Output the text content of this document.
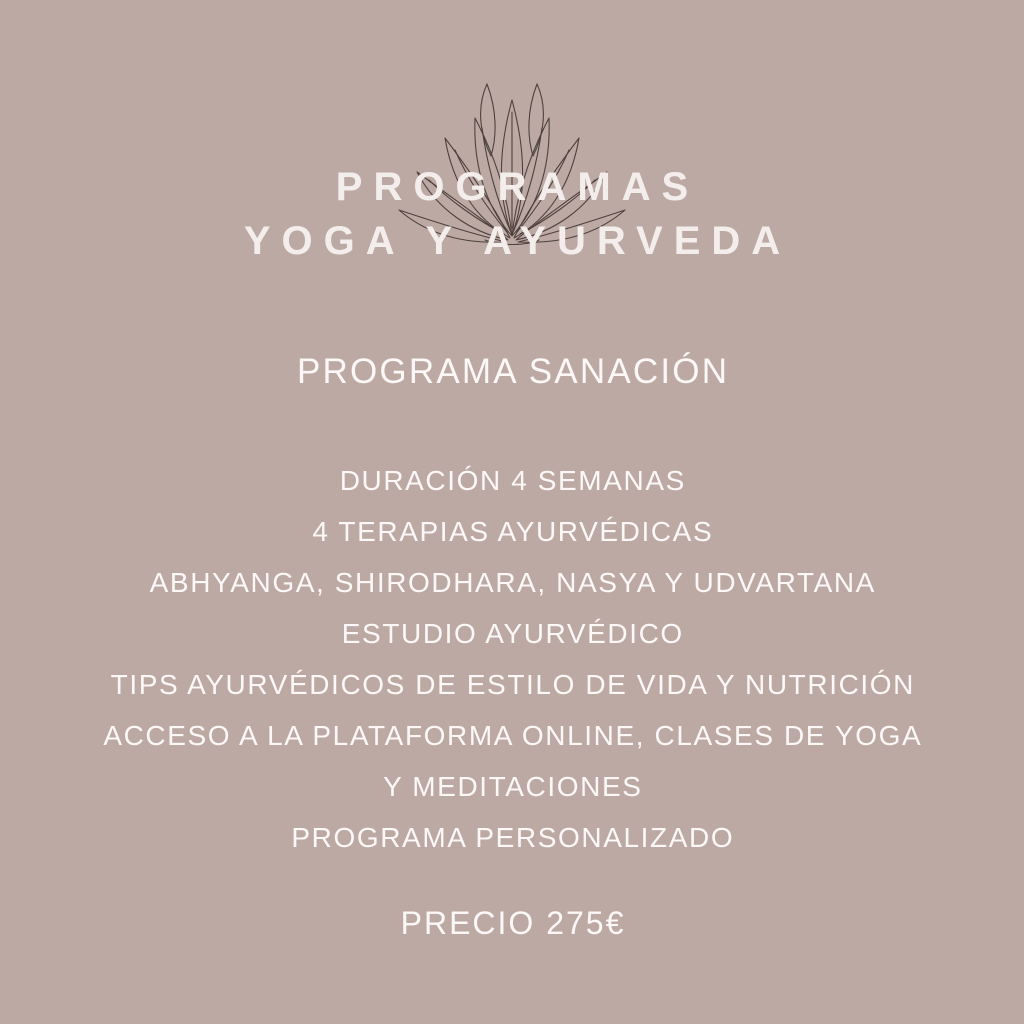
PROGRAMAS
YOGA Y AYURVEDA
PROGRAMA SANACIÓN
DURACIÓN 4 SEMANAS
4 TERAPIAS AYURVÉDICAS
ABHYANGA, SHIRODHARA, NASYA Y UDVARTANA
ESTUDIO AYURVÉDICO
TIPS AYURVÉDICOS DE ESTILO DE VIDA Y NUTRICIÓN
ACCESO A LA PLATAFORMA ONLINE, CLASES DE YOGA
Y MEDITACIONES
PROGRAMA PERSONALIZADO
PRECIO 275€
